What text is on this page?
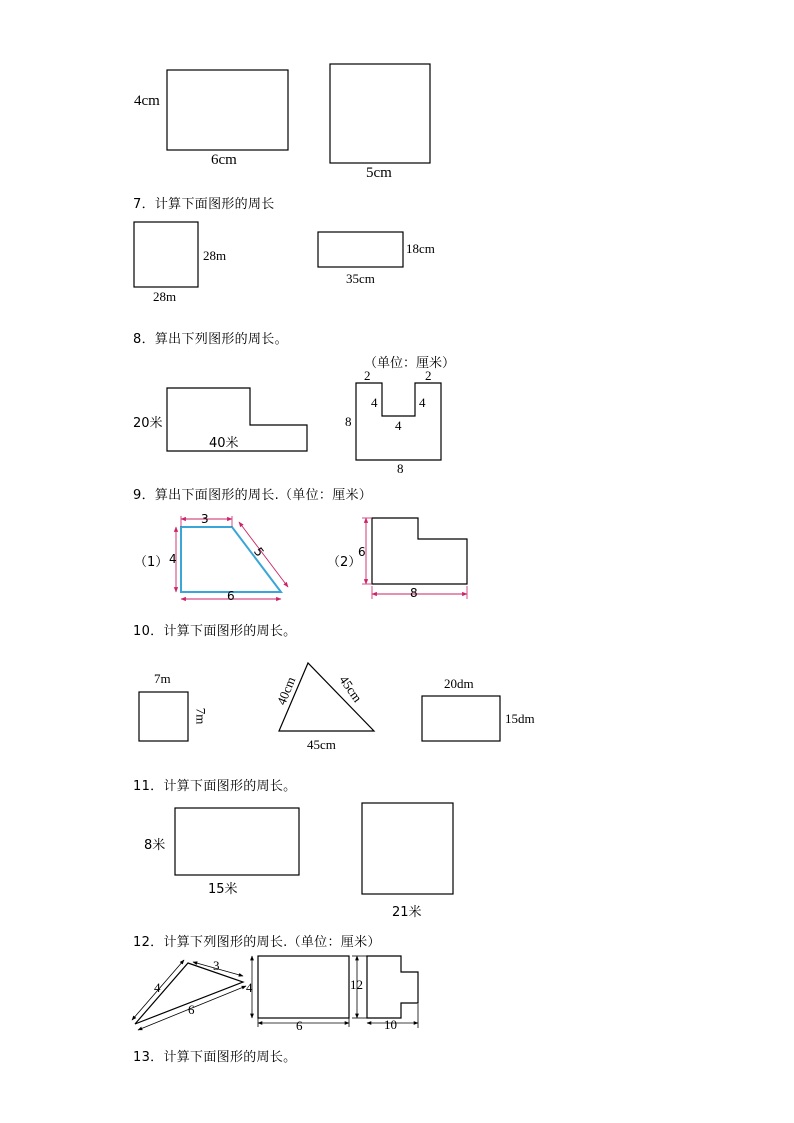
7．计算下面图形的周长
8．算出下列图形的周长。
9．算出下面图形的周长.（单位：厘米）
10．计算下面图形的周长。
11．计算下面图形的周长。
12．计算下列图形的周长.（单位：厘米）
13．计算下面图形的周长。
4cm
6cm
5cm
28m
28m
18cm
35cm
20米
40米
（单位：厘米）
2	2
4	4
4
8
8
（1）
3
4	5
6
（2）
6
8
7m
7m
40cm	45cm
45cm
20dm
15dm
8米
15米
21米
3
4
6
4
6
12
10
